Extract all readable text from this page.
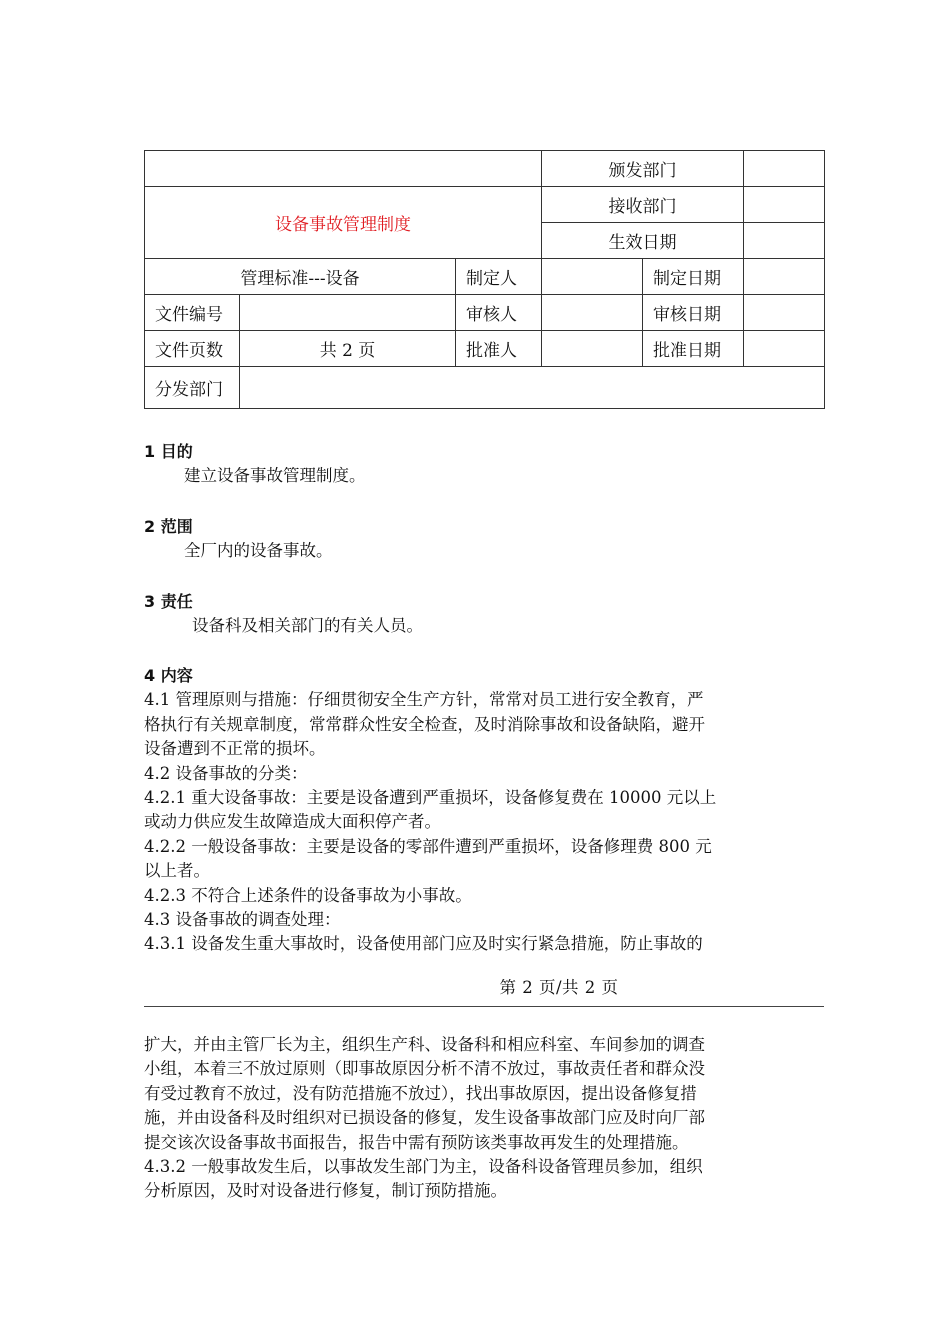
			颁发部门		
设备事故管理制度			接收部门		
			生效日期		
管理标准---设备		制定人		制定日期	
文件编号		审核人		审核日期	
文件页数	共 2 页	批准人		批准日期	
分发部门					
1 目的
建立设备事故管理制度。
2 范围
全厂内的设备事故。
3 责任
设备科及相关部门的有关人员。
4 内容
4.1 管理原则与措施：仔细贯彻安全生产方针，常常对员工进行安全教育，严
格执行有关规章制度，常常群众性安全检查，及时消除事故和设备缺陷，避开
设备遭到不正常的损坏。
4.2 设备事故的分类：
4.2.1 重大设备事故：主要是设备遭到严重损坏，设备修复费在 10000 元以上
或动力供应发生故障造成大面积停产者。
4.2.2 一般设备事故：主要是设备的零部件遭到严重损坏，设备修理费 800 元
以上者。
4.2.3 不符合上述条件的设备事故为小事故。
4.3 设备事故的调查处理：
4.3.1 设备发生重大事故时，设备使用部门应及时实行紧急措施，防止事故的
第 2 页/共 2 页
扩大，并由主管厂长为主，组织生产科、设备科和相应科室、车间参加的调查
小组，本着三不放过原则（即事故原因分析不清不放过，事故责任者和群众没
有受过教育不放过，没有防范措施不放过），找出事故原因，提出设备修复措
施，并由设备科及时组织对已损设备的修复，发生设备事故部门应及时向厂部
提交该次设备事故书面报告，报告中需有预防该类事故再发生的处理措施。
4.3.2 一般事故发生后，以事故发生部门为主，设备科设备管理员参加，组织
分析原因，及时对设备进行修复，制订预防措施。
